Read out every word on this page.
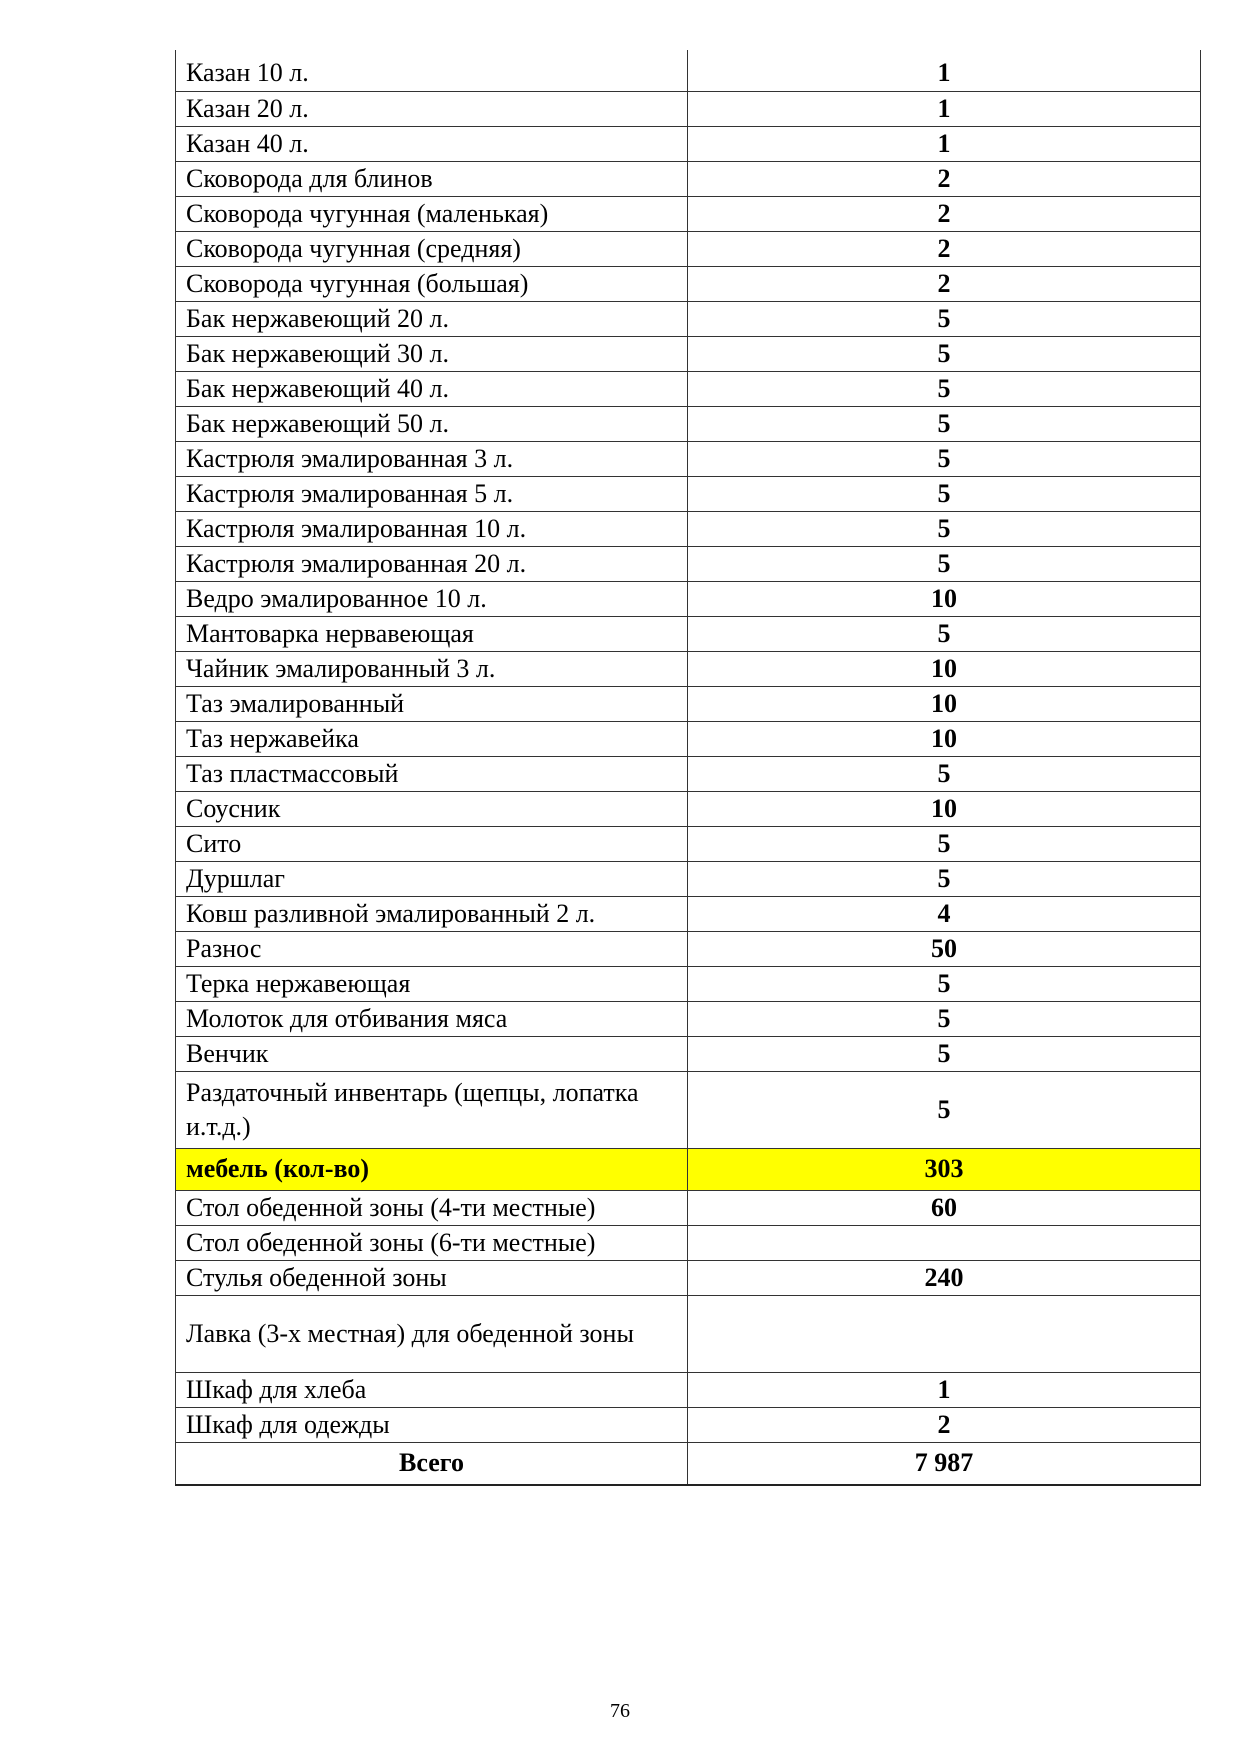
Казан 10 л.	1
Казан 20 л.	1
Казан 40 л.	1
Сковорода для блинов	2
Сковорода чугунная (маленькая)	2
Сковорода чугунная (средняя)	2
Сковорода чугунная (большая)	2
Бак нержавеющий 20 л.	5
Бак нержавеющий 30 л.	5
Бак нержавеющий 40 л.	5
Бак нержавеющий 50 л.	5
Кастрюля эмалированная 3 л.	5
Кастрюля эмалированная 5 л.	5
Кастрюля эмалированная 10 л.	5
Кастрюля эмалированная 20 л.	5
Ведро эмалированное 10 л.	10
Мантоварка нервавеющая	5
Чайник эмалированный 3 л.	10
Таз эмалированный	10
Таз нержавейка	10
Таз пластмассовый	5
Соусник	10
Сито	5
Дуршлаг	5
Ковш разливной эмалированный 2 л.	4
Разнос	50
Терка нержавеющая	5
Молоток для отбивания мяса	5
Венчик	5
Раздаточный инвентарь (щепцы, лопатка и.т.д.)	5
мебель (кол-во)	303
Стол обеденной зоны (4-ти местные)	60
Стол обеденной зоны (6-ти местные)	
Стулья обеденной зоны	240
Лавка (3-х местная) для обеденной зоны	
Шкаф для хлеба	1
Шкаф для одежды	2
Всего	7 987
76
